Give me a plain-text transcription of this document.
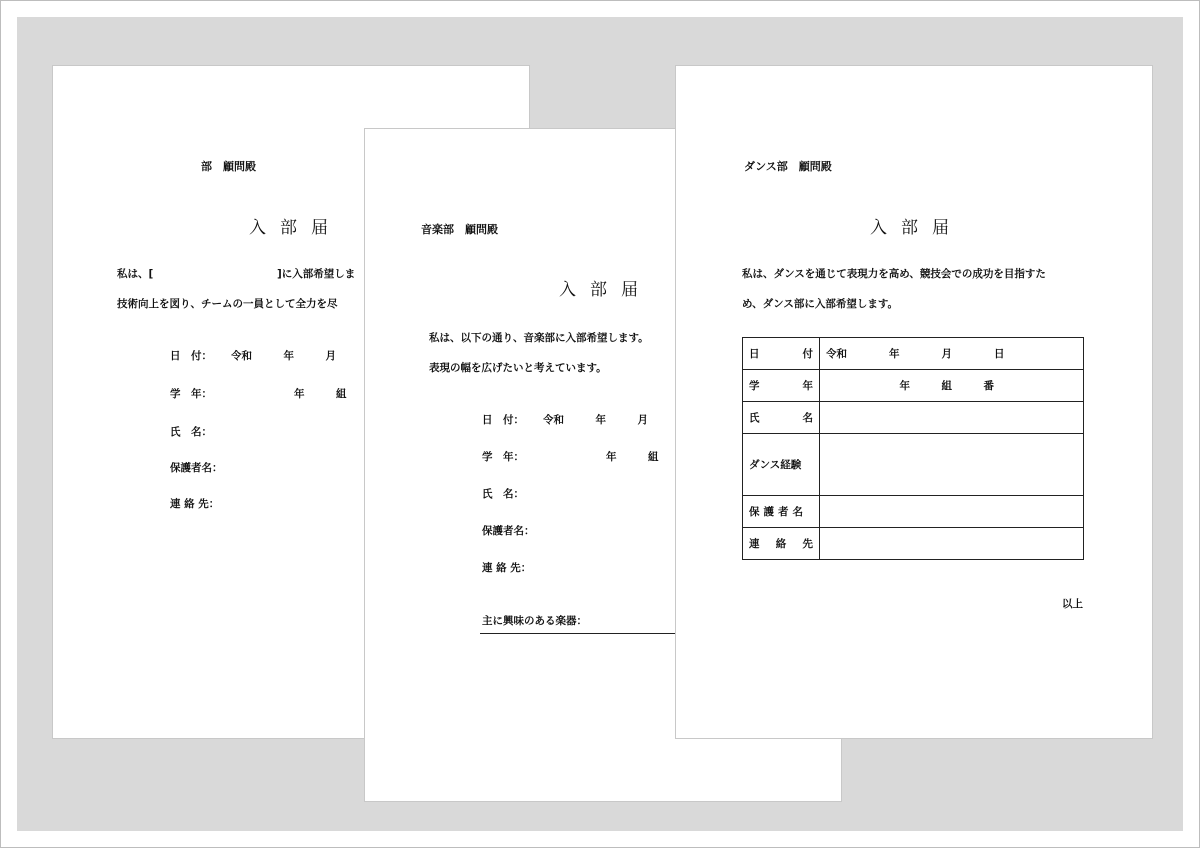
部　顧問殿
入部届
私は、[	]に入部希望しま
技術向上を図り、チームの一員として全力を尽
日　付： 令和　　　年　　　月
学　年： 　　　　　　年　　　組
氏　名：
保護者名：
連 絡 先：
音楽部　顧問殿
入部届
私は、以下の通り、音楽部に入部希望します。
表現の幅を広げたいと考えています。
日　付： 令和　　　年　　　月
学　年： 　　　　　　年　　　組
氏　名：
保護者名：
連 絡 先：
主に興味のある楽器：
ダンス部　顧問殿
入部届
私は、ダンスを通じて表現力を高め、競技会での成功を目指すた
め、ダンス部に入部希望します。
日 付	令和　　　　年　　　　月　　　　日

学 年	　　　　　　　年　　　組　　　番

氏 名	

ダンス経験	
保護者名	

連 絡 先	

以上
